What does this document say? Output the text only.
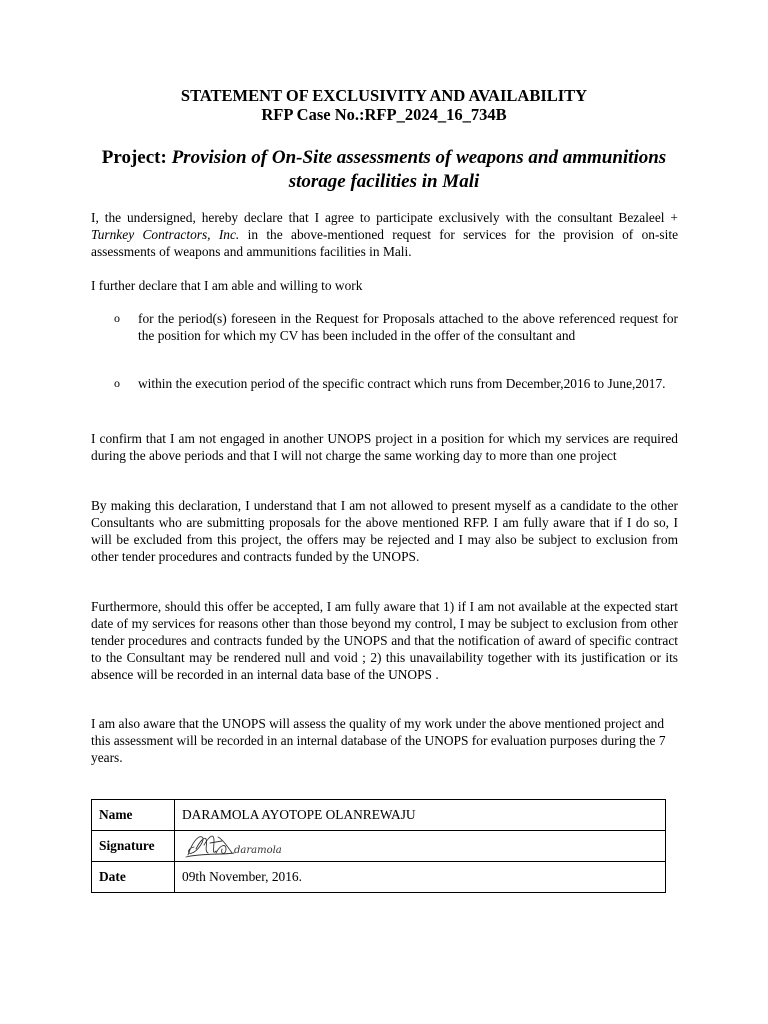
STATEMENT OF EXCLUSIVITY AND AVAILABILITY
RFP Case No.:RFP_2024_16_734B
Project: Provision of On-Site assessments of weapons and ammunitions storage facilities in Mali

I, the undersigned, hereby declare that I agree to participate exclusively with the consultant Bezaleel + Turnkey Contractors, Inc. in the above-mentioned request for services for the provision of on-site assessments of weapons and ammunitions facilities in Mali.

I further declare that I am able and willing to work

o	for the period(s) foreseen in the Request for Proposals attached to the above referenced request for the position for which my CV has been included in the offer of the consultant and
o	within the execution period of the specific contract which runs from December,2016 to June,2017.

I confirm that I am not engaged in another UNOPS project in a position for which my services are required during the above periods and that I will not charge the same working day to more than one project

By making this declaration, I understand that I am not allowed to present myself as a candidate to the other Consultants who are submitting proposals for the above mentioned RFP. I am fully aware that if I do so, I will be excluded from this project, the offers may be rejected and I may also be subject to exclusion from other tender procedures and contracts funded by the UNOPS.

Furthermore, should this offer be accepted, I am fully aware that 1) if I am not available at the expected start date of my services for reasons other than those beyond my control, I may be subject to exclusion from other tender procedures and contracts funded by the UNOPS and that the notification of award of specific contract to the Consultant may be rendered null and void ; 2) this unavailability together with its justification or its absence will be recorded in an internal data base of the UNOPS .

I am also aware that the UNOPS will assess the quality of my work under the above mentioned project and this assessment will be recorded in an internal database of the UNOPS for evaluation purposes during the 7 years.

Name	DARAMOLA AYOTOPE OLANREWAJU
Signature	daramola

Date	09th November, 2016.
